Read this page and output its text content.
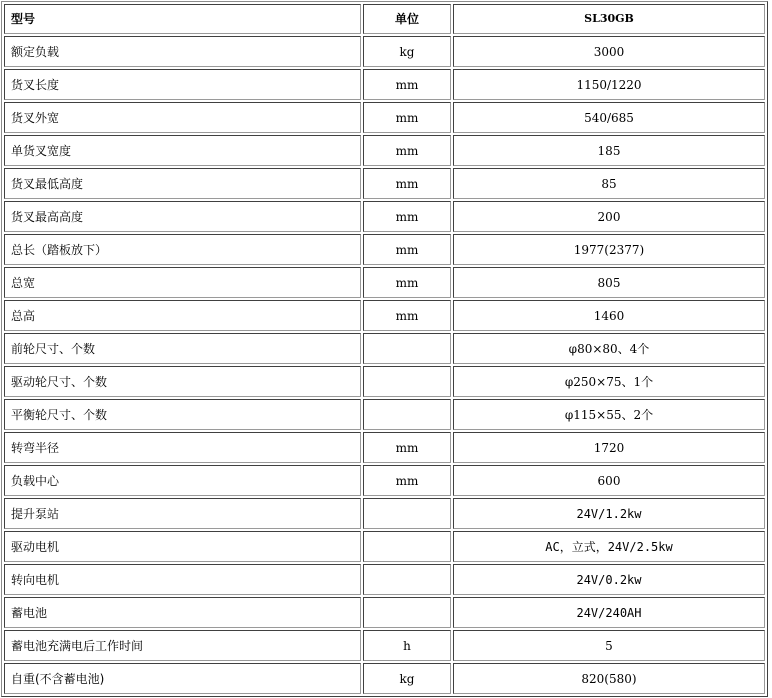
型号	单位	SL30GB
额定负载	kg	3000
货叉长度	mm	1150/1220
货叉外宽	mm	540/685
单货叉宽度	mm	185
货叉最低高度	mm	85
货叉最高高度	mm	200
总长（踏板放下）	mm	1977(2377)
总宽	mm	805
总高	mm	1460
前轮尺寸、个数		φ80×80、4个
驱动轮尺寸、个数		φ250×75、1个
平衡轮尺寸、个数		φ115×55、2个
转弯半径	mm	1720
负载中心	mm	600
提升泵站		24V/1.2kw
驱动电机		AC，立式，24V/2.5kw
转向电机		24V/0.2kw
蓄电池		24V/240AH
蓄电池充满电后工作时间	h	5
自重(不含蓄电池)	kg	820(580)
